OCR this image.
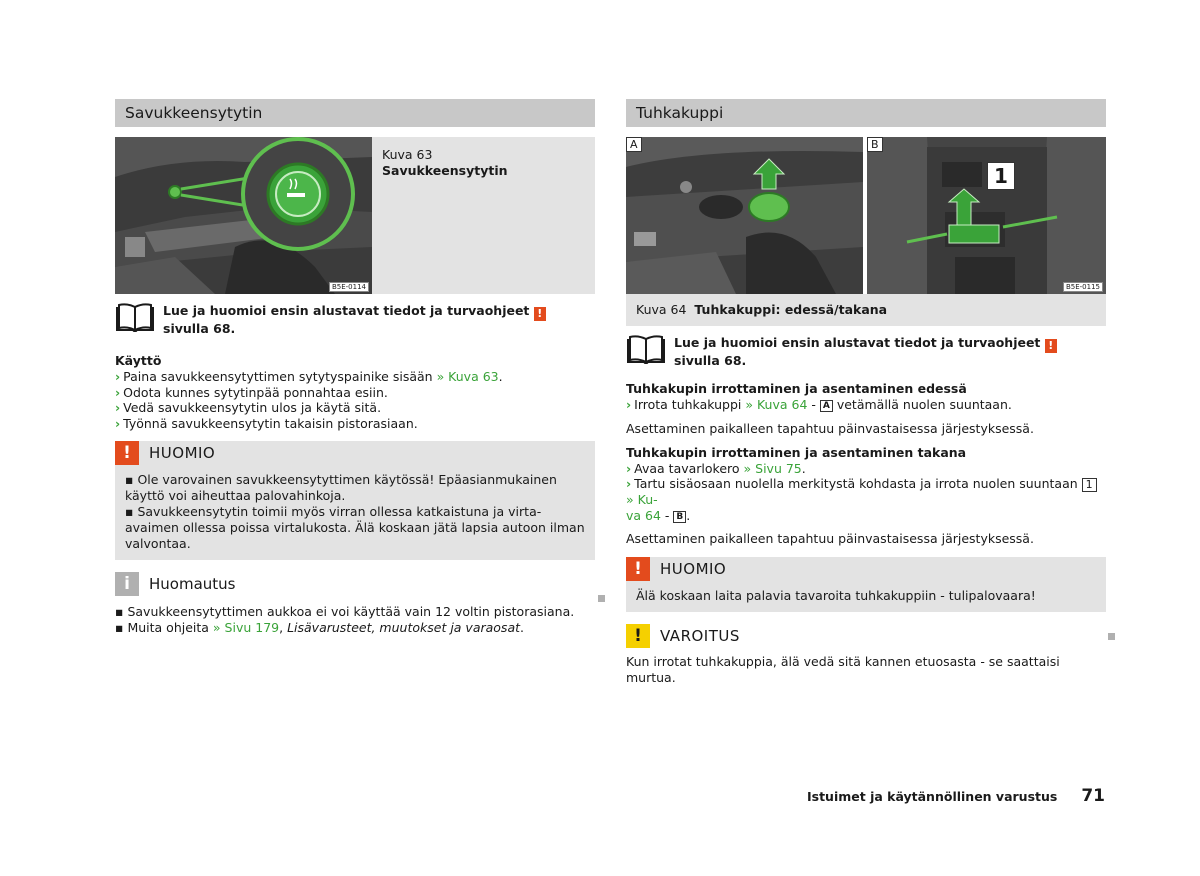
Savukkeensytytin
B5E-0114
Kuva 63
Savukkeensytytin
Lue ja huomioi ensin alustavat tiedot ja turvaohjeet ! sivulla 68.
Käyttö
› Paina savukkeensytyttimen sytytyspainike sisään » Kuva 63.
› Odota kunnes sytytinpää ponnahtaa esiin.
› Vedä savukkeensytytin ulos ja käytä sitä.
› Työnnä savukkeensytytin takaisin pistorasiaan.
!	HUOMIO
▪ Ole varovainen savukkeensytyttimen käytössä! Epäasianmukainen käyttö voi aiheuttaa palovahinkoja.
▪ Savukkeensytytin toimii myös virran ollessa katkaistuna ja virta-avaimen ollessa poissa virtalukosta. Älä koskaan jätä lapsia autoon ilman valvontaa.
i	Huomautus
▪ Savukkeensytyttimen aukkoa ei voi käyttää vain 12 voltin pistorasiana.
▪ Muita ohjeita » Sivu 179, Lisävarusteet, muutokset ja varaosat.
Tuhkakuppi
A	B
1
B5E-0115
Kuva 64 Tuhkakuppi: edessä/takana
Lue ja huomioi ensin alustavat tiedot ja turvaohjeet ! sivulla 68.
Tuhkakupin irrottaminen ja asentaminen edessä
› Irrota tuhkakuppi » Kuva 64 - A vetämällä nuolen suuntaan.
Asettaminen paikalleen tapahtuu päinvastaisessa järjestyksessä.
Tuhkakupin irrottaminen ja asentaminen takana
› Avaa tavarlokero » Sivu 75.
› Tartu sisäosaan nuolella merkitystä kohdasta ja irrota nuolen suuntaan 1 » Ku-
va 64 - B .
Asettaminen paikalleen tapahtuu päinvastaisessa järjestyksessä.
!	HUOMIO
Älä koskaan laita palavia tavaroita tuhkakuppiin - tulipalovaara!
!	VAROITUS
Kun irrotat tuhkakuppia, älä vedä sitä kannen etuosasta - se saattaisi murtua.
Istuimet ja käytännöllinen varustus 71
